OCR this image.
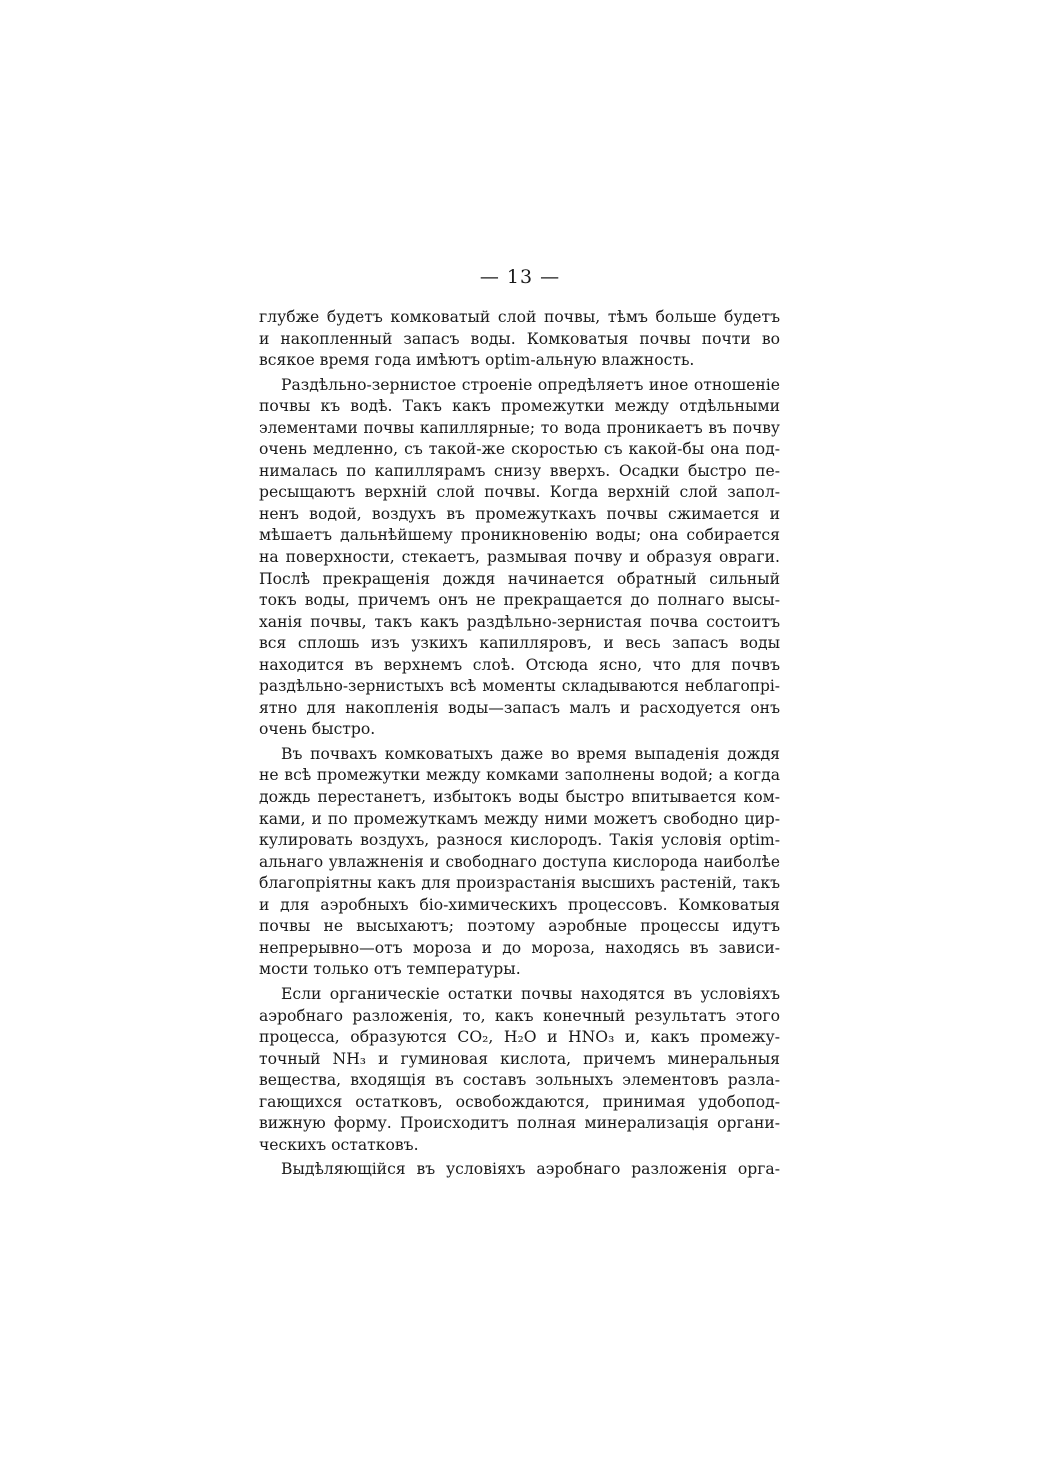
— 13 —

глубже будетъ комковатый слой почвы, тѣмъ больше будетъ
и накопленный запасъ воды. Комковатыя почвы почти во
всякое время года имѣютъ optim-альную влажность.

Раздѣльно-зернистое строеніе опредѣляетъ иное отношеніе
почвы къ водѣ. Такъ какъ промежутки между отдѣльными
элементами почвы капиллярные; то вода проникаетъ въ почву
очень медленно, съ такой-же скоростью съ какой-бы она под-
нималась по капиллярамъ снизу вверхъ. Осадки быстро пе-
ресыщаютъ верхній слой почвы. Когда верхній слой запол-
ненъ водой, воздухъ въ промежуткахъ почвы сжимается и
мѣшаетъ дальнѣйшему проникновенію воды; она собирается
на поверхности, стекаетъ, размывая почву и образуя овраги.
Послѣ прекращенія дождя начинается обратный сильный
токъ воды, причемъ онъ не прекращается до полнаго высы-
ханія почвы, такъ какъ раздѣльно-зернистая почва состоитъ
вся сплошь изъ узкихъ капилляровъ, и весь запасъ воды
находится въ верхнемъ слоѣ. Отсюда ясно, что для почвъ
раздѣльно-зернистыхъ всѣ моменты складываются неблагопрі-
ятно для накопленія воды—запасъ малъ и расходуется онъ
очень быстро.

Въ почвахъ комковатыхъ даже во время выпаденія дождя
не всѣ промежутки между комками заполнены водой; а когда
дождь перестанетъ, избытокъ воды быстро впитывается ком-
ками, и по промежуткамъ между ними можетъ свободно цир-
кулировать воздухъ, разнося кислородъ. Такія условія optim-
альнаго увлажненія и свободнаго доступа кислорода наиболѣе
благопріятны какъ для произрастанія высшихъ растеній, такъ
и для аэробныхъ біо-химическихъ процессовъ. Комковатыя
почвы не высыхаютъ; поэтому аэробные процессы идутъ
непрерывно—отъ мороза и до мороза, находясь въ зависи-
мости только отъ температуры.

Если органическіе остатки почвы находятся въ условіяхъ
аэробнаго разложенія, то, какъ конечный результатъ этого
процесса, образуются CO₂, H₂O и HNO₃ и, какъ промежу-
точный NH₃ и гуминовая кислота, причемъ минеральныя
вещества, входящія въ составъ зольныхъ элементовъ разла-
гающихся остатковъ, освобождаются, принимая удобопод-
вижную форму. Происходитъ полная минерализація органи-
ческихъ остатковъ.

Выдѣляющійся въ условіяхъ аэробнаго разложенія орга-
